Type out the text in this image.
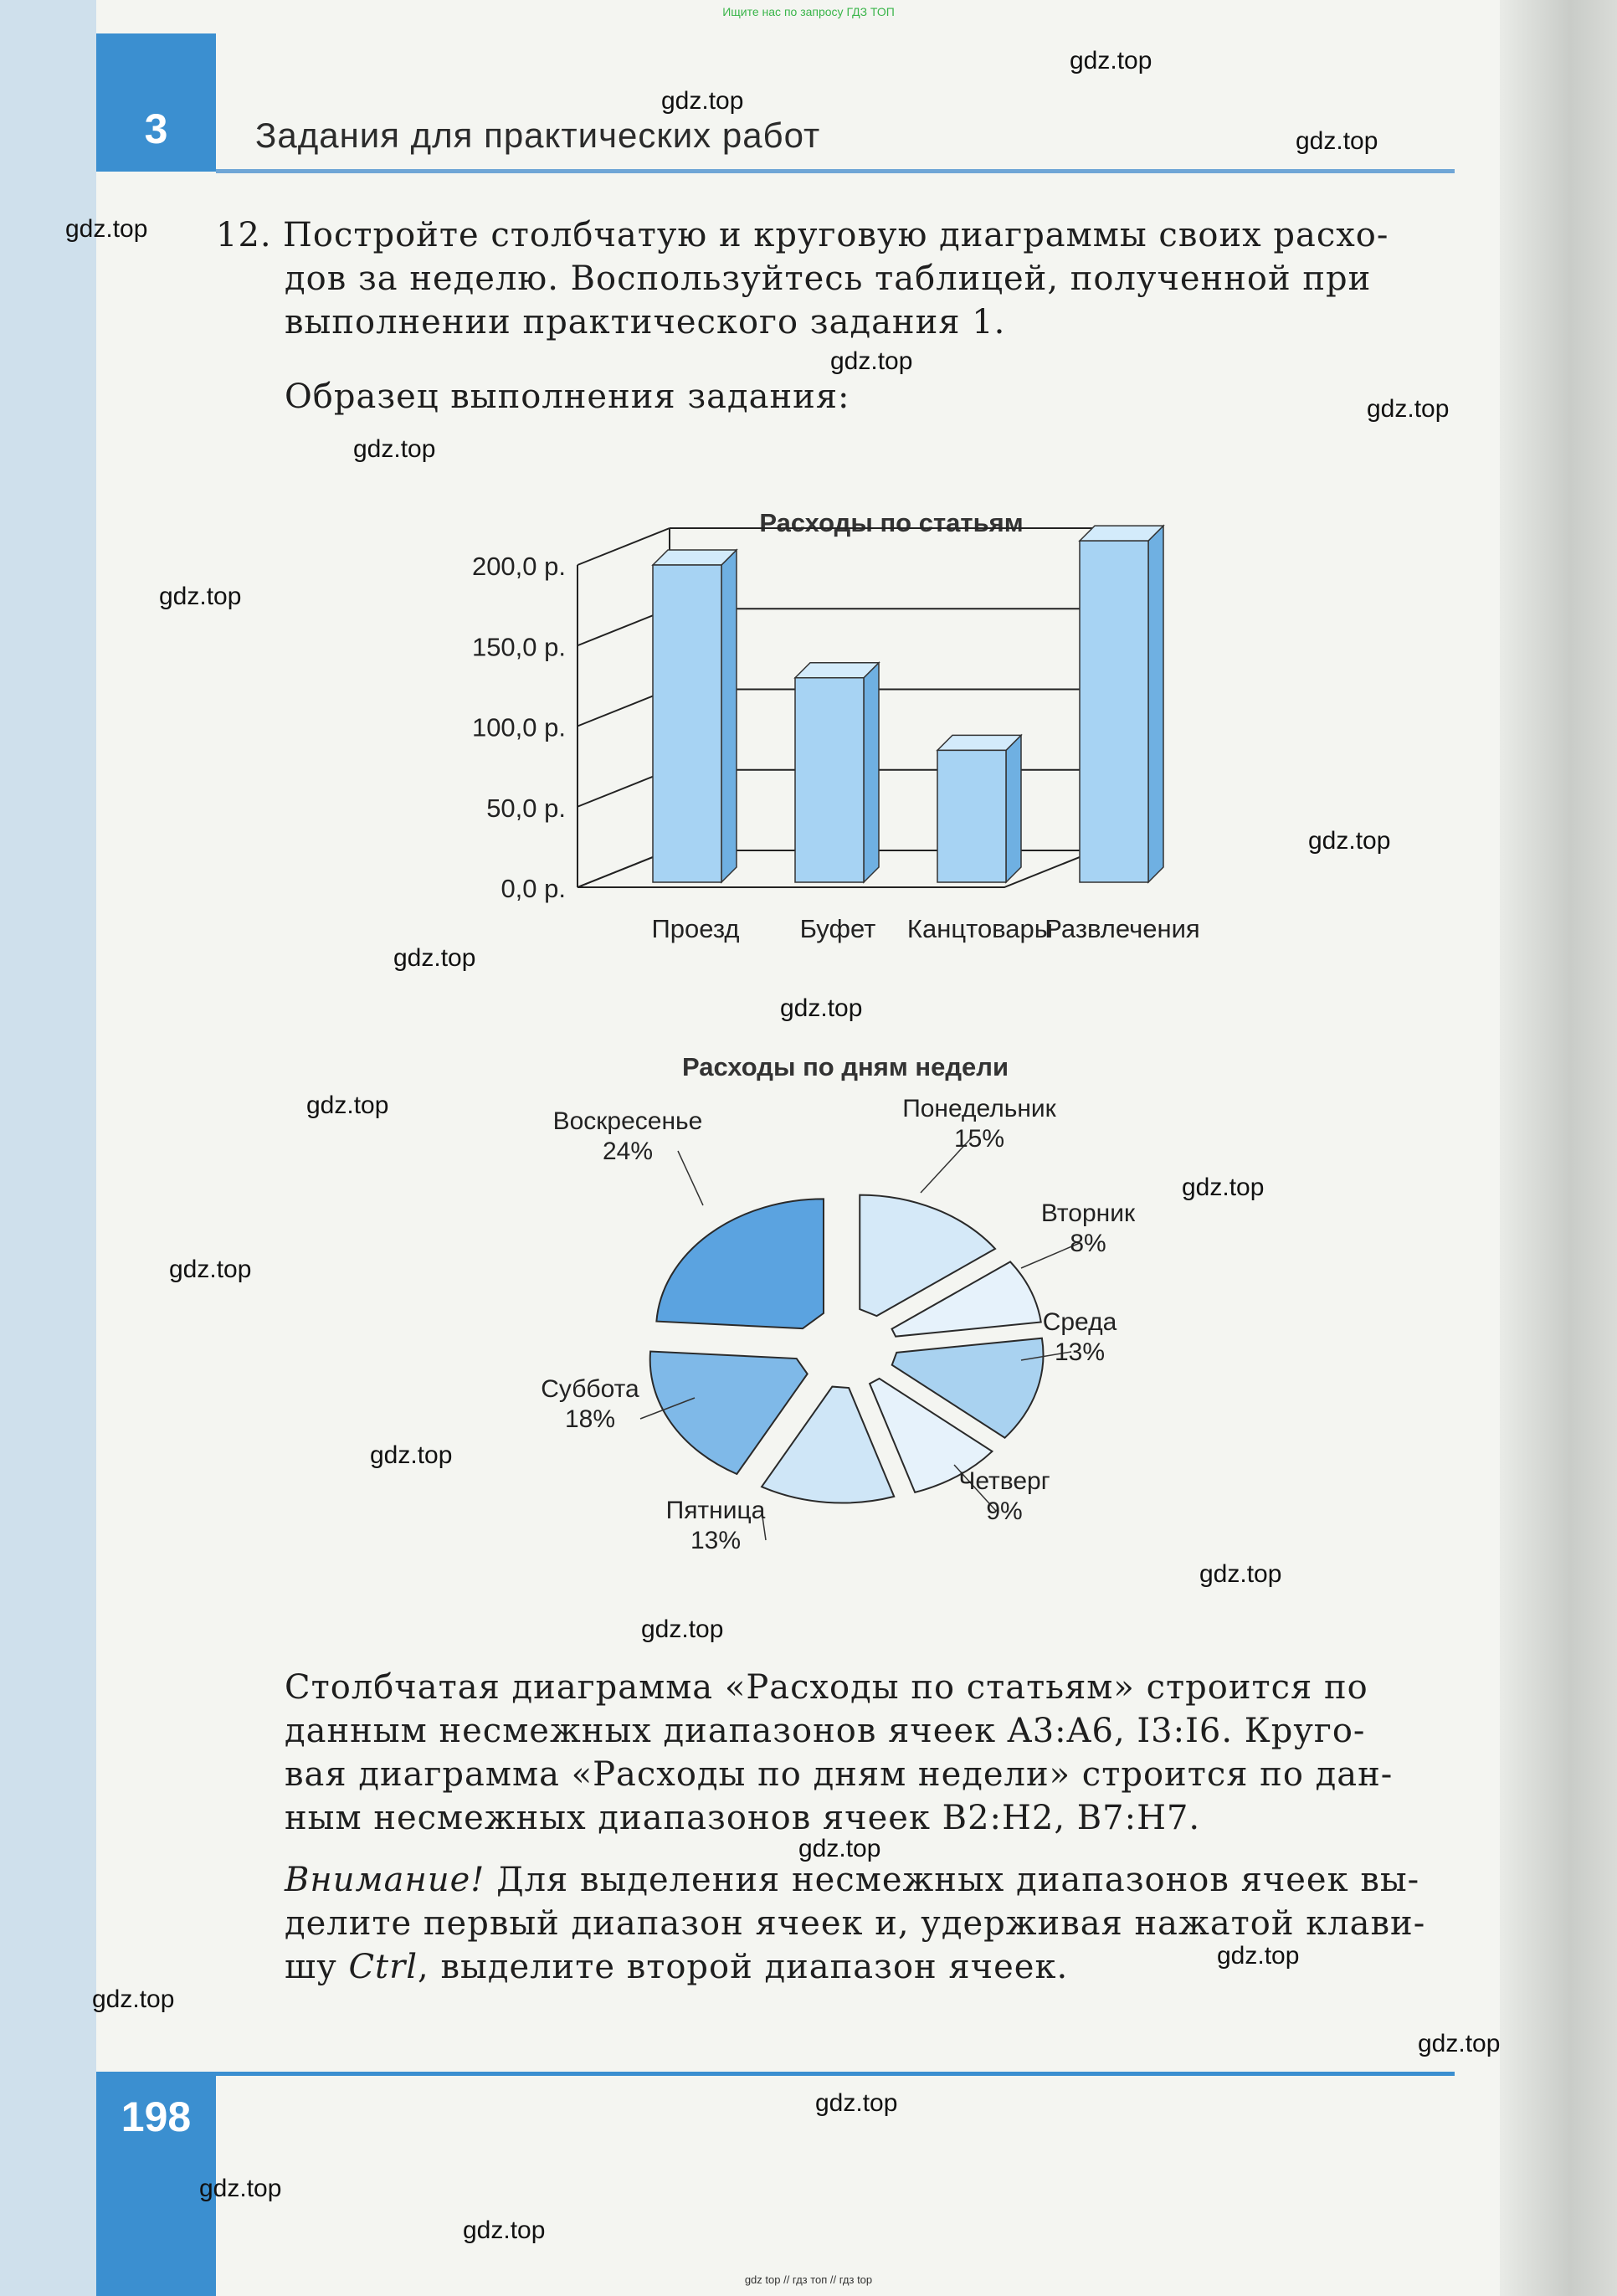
Ищите нас по запросу ГДЗ ТОП
3	Задания для практических работ
12. Постройте столбчатую и круговую диаграммы своих расхо-
дов за неделю. Воспользуйтесь таблицей, полученной при
выполнении практического задания 1.
Образец выполнения задания:
Расходы по статьям
0,0 р.
50,0 р.
100,0 р.
150,0 р.
200,0 р.
Проезд Буфет Канцтовары
Развлечения
Расходы по дням недели
Понедельник
15%
Вторник
8%
Среда
13%
Четверг
9%
Пятница
13%
Суббота
18%
Воскресенье
24%
Столбчатая диаграмма «Расходы по статьям» строится по
данным несмежных диапазонов ячеек A3:A6, I3:I6. Круго-
вая диаграмма «Расходы по дням недели» строится по дан-
ным несмежных диапазонов ячеек B2:H2, B7:H7.
Внимание! Для выделения несмежных диапазонов ячеек вы-
делите первый диапазон ячеек и, удерживая нажатой клави-
шу Ctrl, выделите второй диапазон ячеек.
198
gdz.top
gdz.top
gdz.top
gdz.top
gdz.top
gdz.top
gdz.top
gdz.top
gdz.top
gdz.top
gdz.top
gdz.top
gdz.top
gdz.top
gdz.top
gdz.top
gdz.top
gdz.top
gdz.top
gdz.top
gdz.top
gdz.top
gdz.top
gdz.top
gdz top // гдз топ // гдз top
